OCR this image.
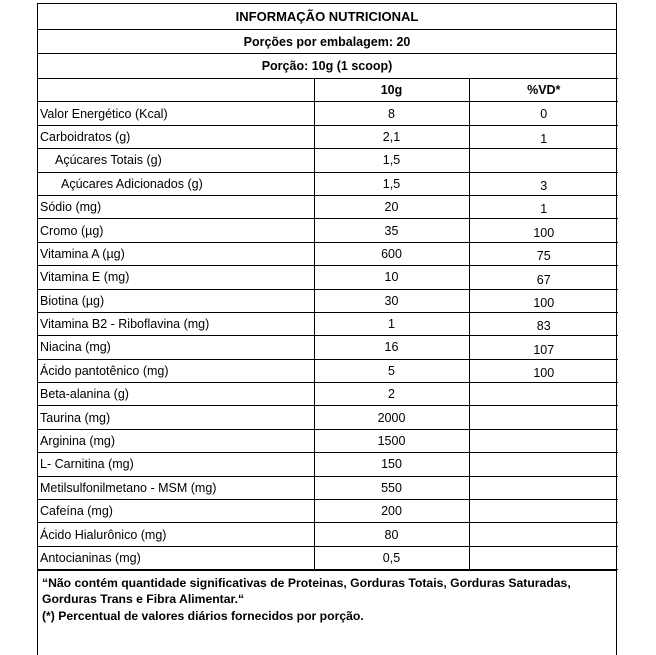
INFORMAÇÃO NUTRICIONAL
Porções por embalagem: 20
Porção: 10g (1 scoop)
	10g	%VD*
Valor Energético (Kcal)	8	0
Carboidratos (g)	2,1	1
Açúcares Totais (g)	1,5	
Açúcares Adicionados (g)	1,5	3
Sódio (mg)	20	1
Cromo (µg)	35	100
Vitamina A (µg)	600	75
Vitamina E (mg)	10	67
Biotina (µg)	30	100
Vitamina B2 - Riboflavina (mg)	1	83
Niacina (mg)	16	107
Ácido pantotênico (mg)	5	100
Beta-alanina (g)	2	
Taurina (mg)	2000	
Arginina (mg)	1500	
L- Carnitina (mg)	150	
Metilsulfonilmetano - MSM (mg)	550	
Cafeína (mg)	200	
Ácido Hialurônico (mg)	80	
Antocianinas (mg)	0,5	

“Não contém quantidade significativas de Proteinas, Gorduras Totais, Gorduras Saturadas, Gorduras Trans e Fibra Alimentar.“

(*) Percentual de valores diários fornecidos por porção.
